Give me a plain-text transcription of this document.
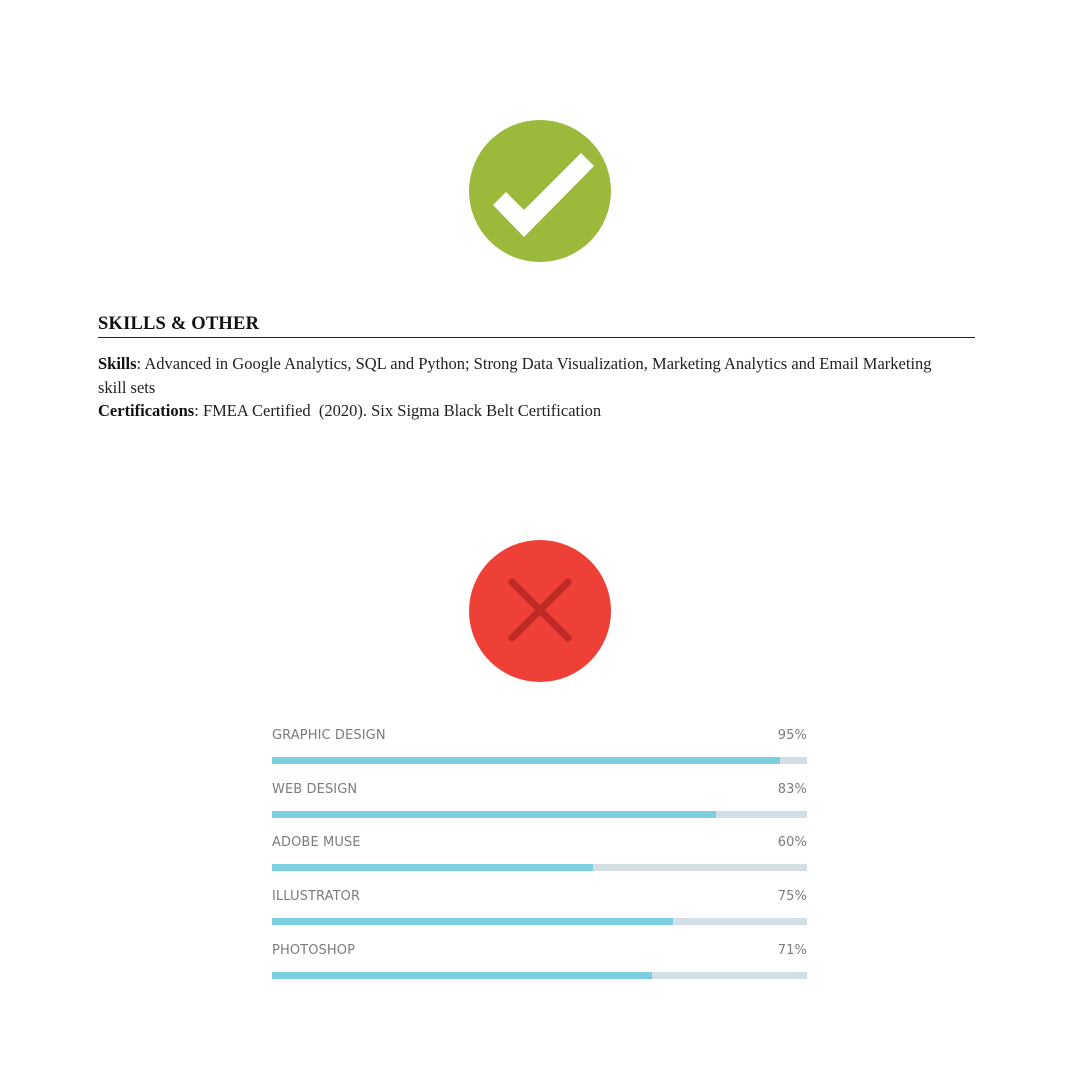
SKILLS & OTHER

Skills: Advanced in Google Analytics, SQL and Python; Strong Data Visualization, Marketing Analytics and Email Marketing skill sets

Certifications: FMEA Certified  (2020). Six Sigma Black Belt Certification

GRAPHIC DESIGN	95%
WEB DESIGN	83%
ADOBE MUSE	60%
ILLUSTRATOR	75%
PHOTOSHOP	71%
